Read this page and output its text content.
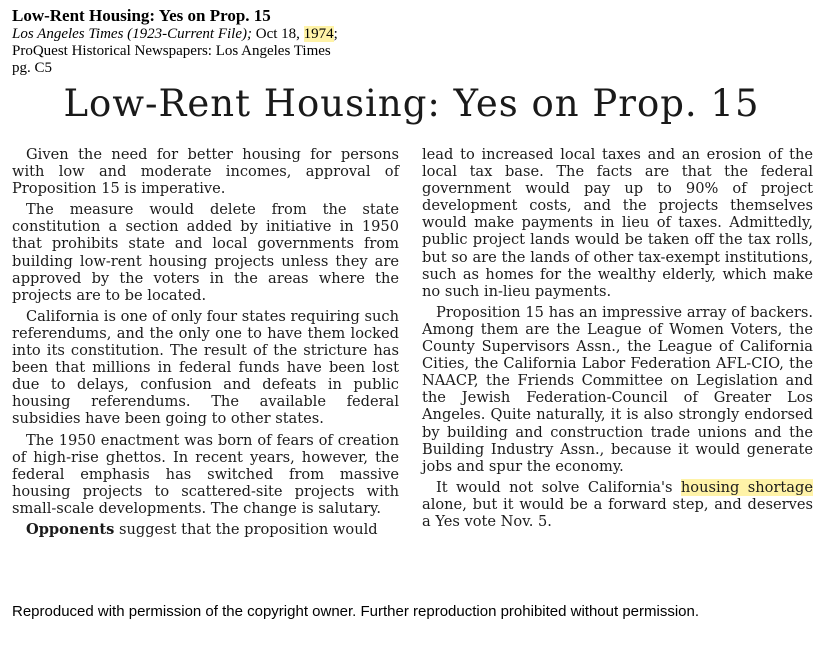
Low-Rent Housing: Yes on Prop. 15
Los Angeles Times (1923-Current File); Oct 18, 1974;
ProQuest Historical Newspapers: Los Angeles Times
pg. C5
Low-Rent Housing: Yes on Prop. 15

Given the need for better housing for persons with low and moderate incomes, approval of Proposition 15 is imperative.

The measure would delete from the state constitution a section added by initiative in 1950 that prohibits state and local governments from building low-rent housing projects unless they are approved by the voters in the areas where the projects are to be located.

California is one of only four states requiring such referendums, and the only one to have them locked into its constitution. The result of the stricture has been that millions in federal funds have been lost due to delays, confusion and defeats in public housing referendums. The available federal subsidies have been going to other states.

The 1950 enactment was born of fears of creation of high-rise ghettos. In recent years, however, the federal emphasis has switched from massive housing projects to scattered-site projects with small-scale developments. The change is salutary.

Opponents suggest that the proposition would

lead to increased local taxes and an erosion of the local tax base. The facts are that the federal government would pay up to 90% of project development costs, and the projects themselves would make payments in lieu of taxes. Admittedly, public project lands would be taken off the tax rolls, but so are the lands of other tax-exempt institutions, such as homes for the wealthy elderly, which make no such in-lieu payments.

Proposition 15 has an impressive array of backers. Among them are the League of Women Voters, the County Supervisors Assn., the League of California Cities, the California Labor Federation AFL-CIO, the NAACP, the Friends Committee on Legislation and the Jewish Federation-Council of Greater Los Angeles. Quite naturally, it is also strongly endorsed by building and construction trade unions and the Building Industry Assn., because it would generate jobs and spur the economy.

It would not solve California's housing shortage alone, but it would be a forward step, and deserves a Yes vote Nov. 5.

Reproduced with permission of the copyright owner. Further reproduction prohibited without permission.
